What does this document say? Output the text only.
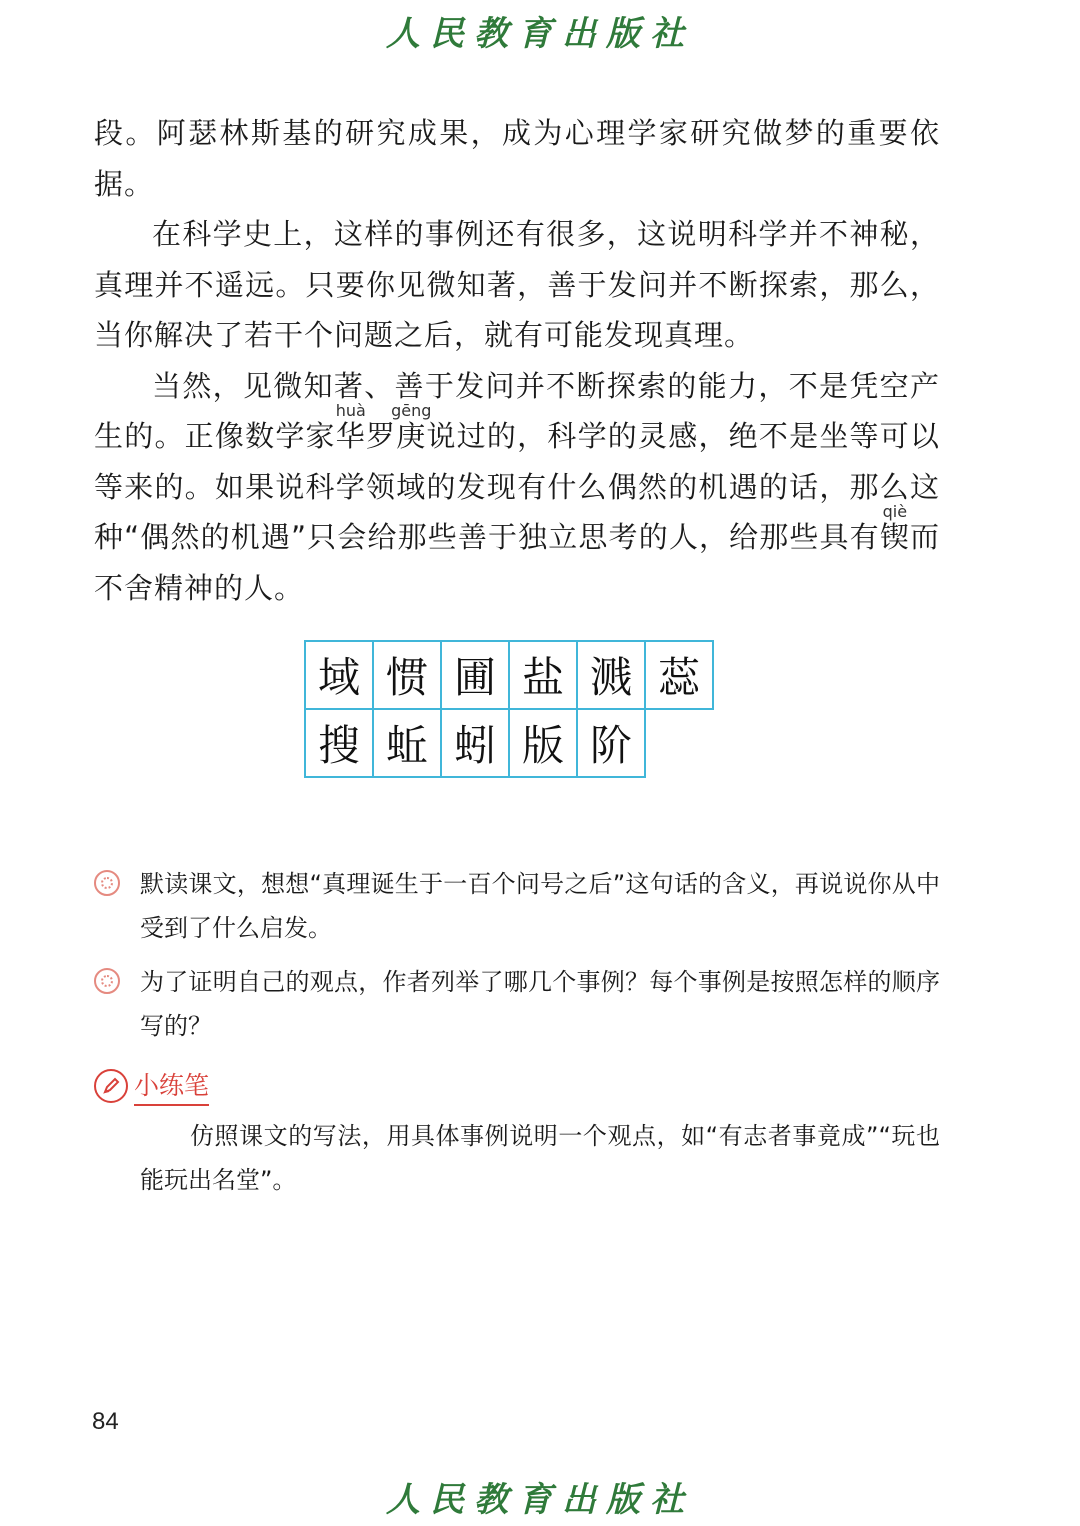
人民教育出版社

段。阿瑟林斯基的研究成果，成为心理学家研究做梦的重要依据。

在科学史上，这样的事例还有很多，这说明科学并不神秘，真理并不遥远。只要你见微知著，善于发问并不断探索，那么，当你解决了若干个问题之后，就有可能发现真理。

当然，见微知著、善于发问并不断探索的能力，不是凭空产生的。正像数学家华huà罗庚gēng说过的，科学的灵感，绝不是坐等可以等来的。如果说科学领域的发现有什么偶然的机遇的话，那么这种“偶然的机遇”只会给那些善于独立思考的人，给那些具有锲qiè而不舍精神的人。

域 惯 圃 盐 溅 蕊
搜 蚯 蚓 版 阶
默读课文，想想“真理诞生于一百个问号之后”这句话的含义，再说说你从中受到了什么启发。
为了证明自己的观点，作者列举了哪几个事例？每个事例是按照怎样的顺序写的？
小练笔
仿照课文的写法，用具体事例说明一个观点，如“有志者事竟成”“玩也能玩出名堂”。
84
人民教育出版社
